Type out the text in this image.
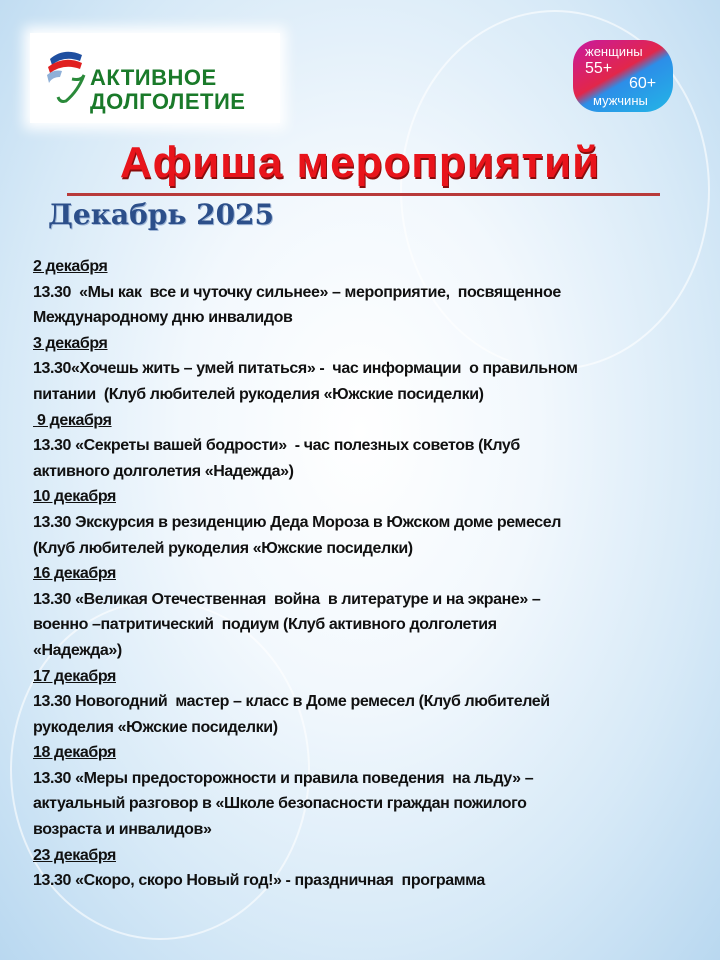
АКТИВНОЕ
ДОЛГОЛЕТИЕ
женщины
55+
60+
мужчины
Афиша мероприятий
Декабрь 2025
2 декабря
13.30  «Мы как  все и чуточку сильнее» – мероприятие,  посвященное
Международному дню инвалидов
3 декабря
13.30«Хочешь жить – умей питаться» -  час информации  о правильном
питании  (Клуб любителей рукоделия «Южские посиделки)
9 декабря
13.30 «Секреты вашей бодрости»  - час полезных советов (Клуб
активного долголетия «Надежда»)
10 декабря
13.30 Экскурсия в резиденцию Деда Мороза в Южском доме ремесел
(Клуб любителей рукоделия «Южские посиделки)
16 декабря
13.30 «Великая Отечественная  война  в литературе и на экране» –
военно –патритический  подиум (Клуб активного долголетия
«Надежда»)
17 декабря
13.30 Новогодний  мастер – класс в Доме ремесел (Клуб любителей
рукоделия «Южские посиделки)
18 декабря
13.30 «Меры предосторожности и правила поведения  на льду» –
актуальный разговор в «Школе безопасности граждан пожилого
возраста и инвалидов»
23 декабря
13.30 «Скоро, скоро Новый год!» - праздничная  программа
